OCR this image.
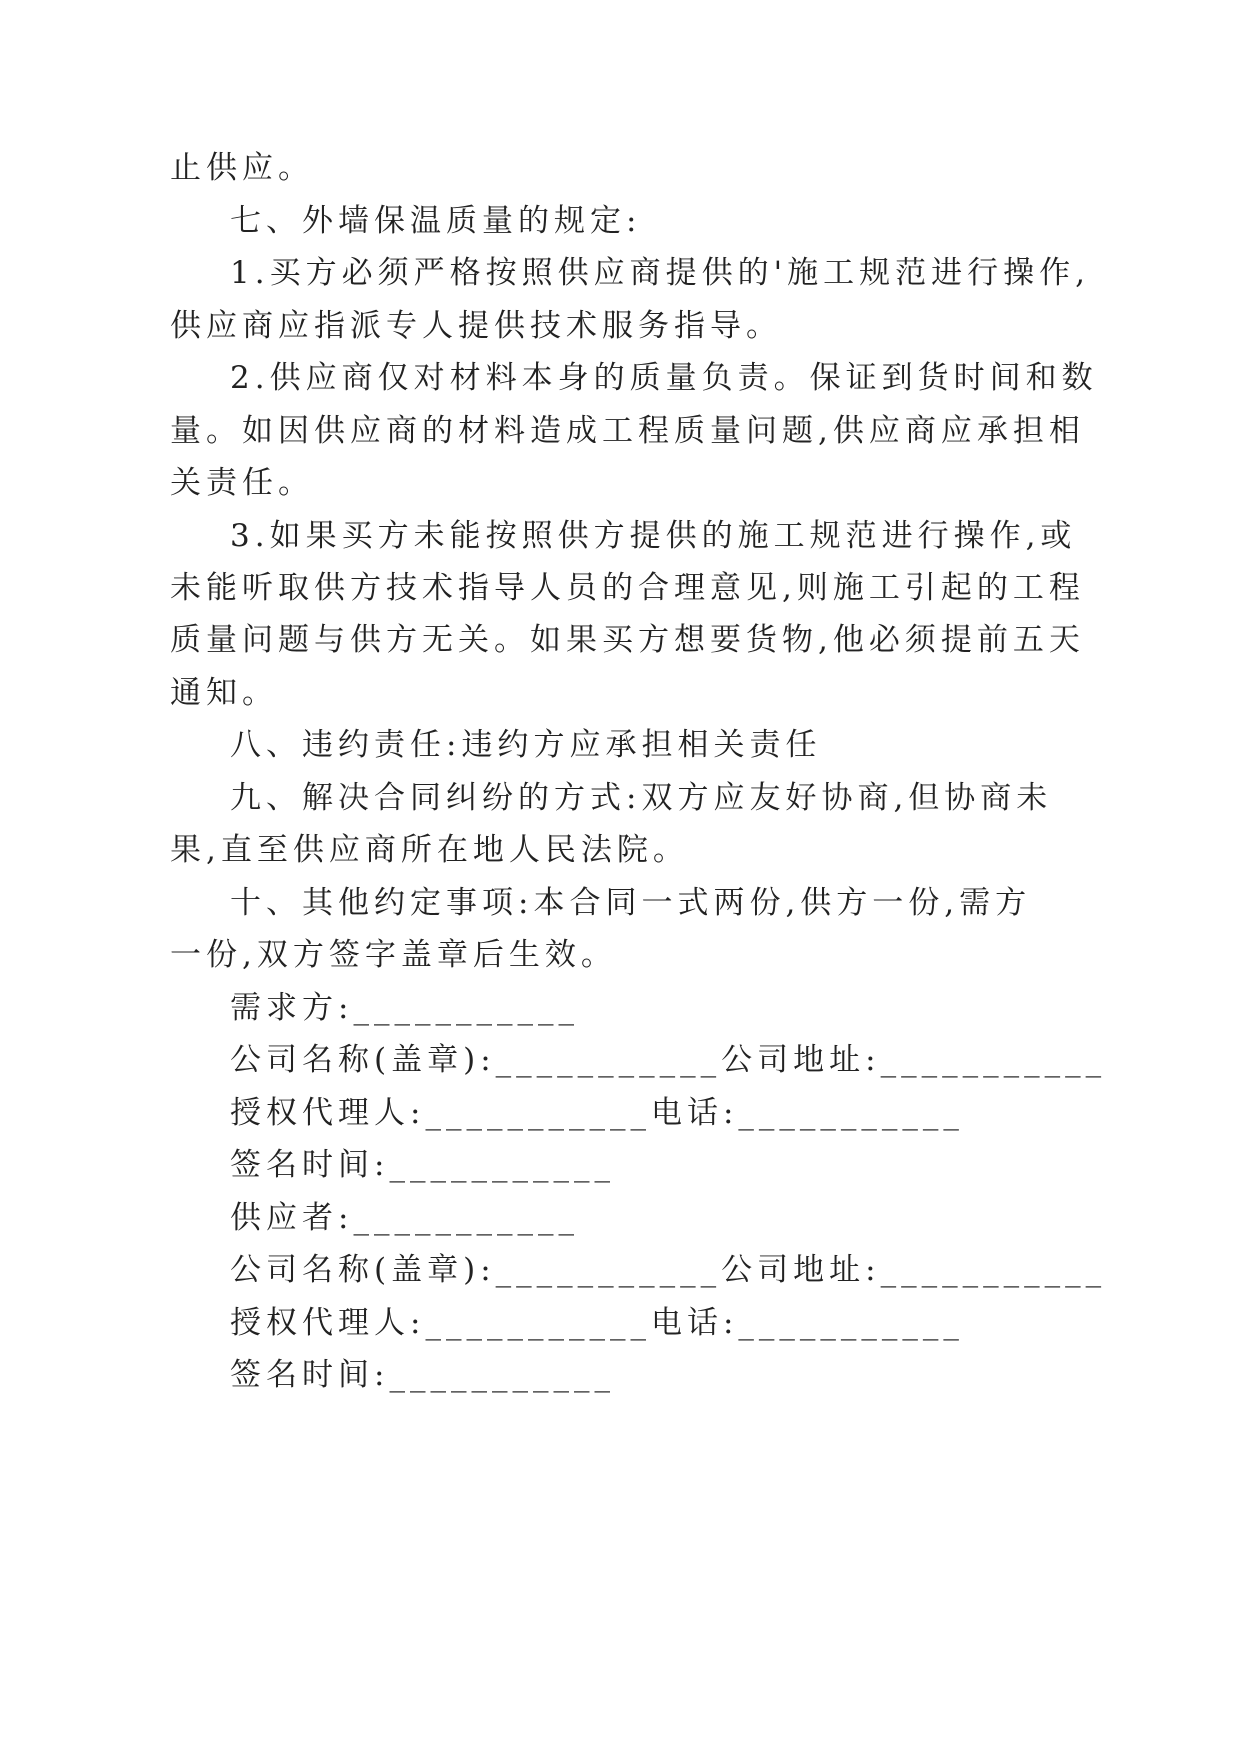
止供应。
七、外墙保温质量的规定:
1.买方必须严格按照供应商提供的'施工规范进行操作,
供应商应指派专人提供技术服务指导。
2.供应商仅对材料本身的质量负责。保证到货时间和数
量。如因供应商的材料造成工程质量问题,供应商应承担相
关责任。
3.如果买方未能按照供方提供的施工规范进行操作,或
未能听取供方技术指导人员的合理意见,则施工引起的工程
质量问题与供方无关。如果买方想要货物,他必须提前五天
通知。
八、违约责任:违约方应承担相关责任
九、解决合同纠纷的方式:双方应友好协商,但协商未
果,直至供应商所在地人民法院。
十、其他约定事项:本合同一式两份,供方一份,需方
一份,双方签字盖章后生效。
需求方:___________
公司名称(盖章):___________公司地址:___________
授权代理人:___________电话:___________
签名时间:___________
供应者:___________
公司名称(盖章):___________公司地址:___________
授权代理人:___________电话:___________
签名时间:___________
